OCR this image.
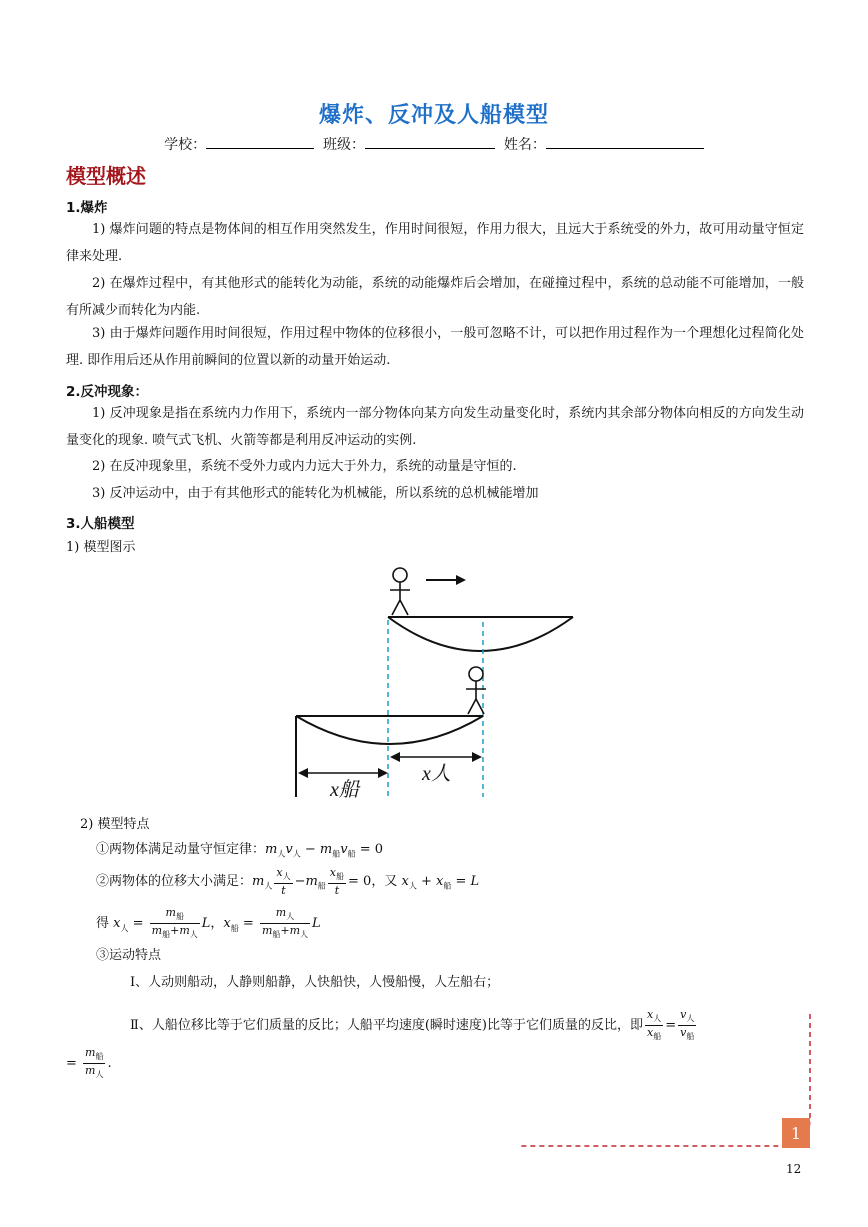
爆炸、反冲及人船模型
学校：	班级：	姓名：
模型概述
1.爆炸
1) 爆炸问题的特点是物体间的相互作用突然发生，作用时间很短，作用力很大，且远大于系统受的外力，故可用动量守恒定律来处理.
2) 在爆炸过程中，有其他形式的能转化为动能，系统的动能爆炸后会增加，在碰撞过程中，系统的总动能不可能增加，一般有所减少而转化为内能.
3) 由于爆炸问题作用时间很短，作用过程中物体的位移很小，一般可忽略不计，可以把作用过程作为一个理想化过程简化处理. 即作用后还从作用前瞬间的位置以新的动量开始运动.
2.反冲现象：
1) 反冲现象是指在系统内力作用下，系统内一部分物体向某方向发生动量变化时，系统内其余部分物体向相反的方向发生动量变化的现象. 喷气式飞机、火箭等都是利用反冲运动的实例.
2) 在反冲现象里，系统不受外力或内力远大于外力，系统的动量是守恒的.
3) 反冲运动中，由于有其他形式的能转化为机械能，所以系统的总机械能增加
3.人船模型
1) 模型图示
x船
x人
2) 模型特点
①两物体满足动量守恒定律：$m_人v_人 - m_船v_船 = 0$
②两物体的位移大小满足：$m_人$
$x_人$
t
$-m_船$
$x_船$
t
= 0，又 $x_人 + x_船 = L$
得 $x_人$ =
$m_船$
$m_船+m_人$
L，$x_船$ =
$m_人$
$m_船+m_人$
L
③运动特点
Ⅰ、人动则船动，人静则船静，人快船快，人慢船慢，人左船右；
Ⅱ、人船位移比等于它们质量的反比；人船平均速度(瞬时速度)比等于它们质量的反比，即
$x_人$
$x_船$
=
$v_人$
$v_船$
=
$m_船$
$m_人$
.
1
12
